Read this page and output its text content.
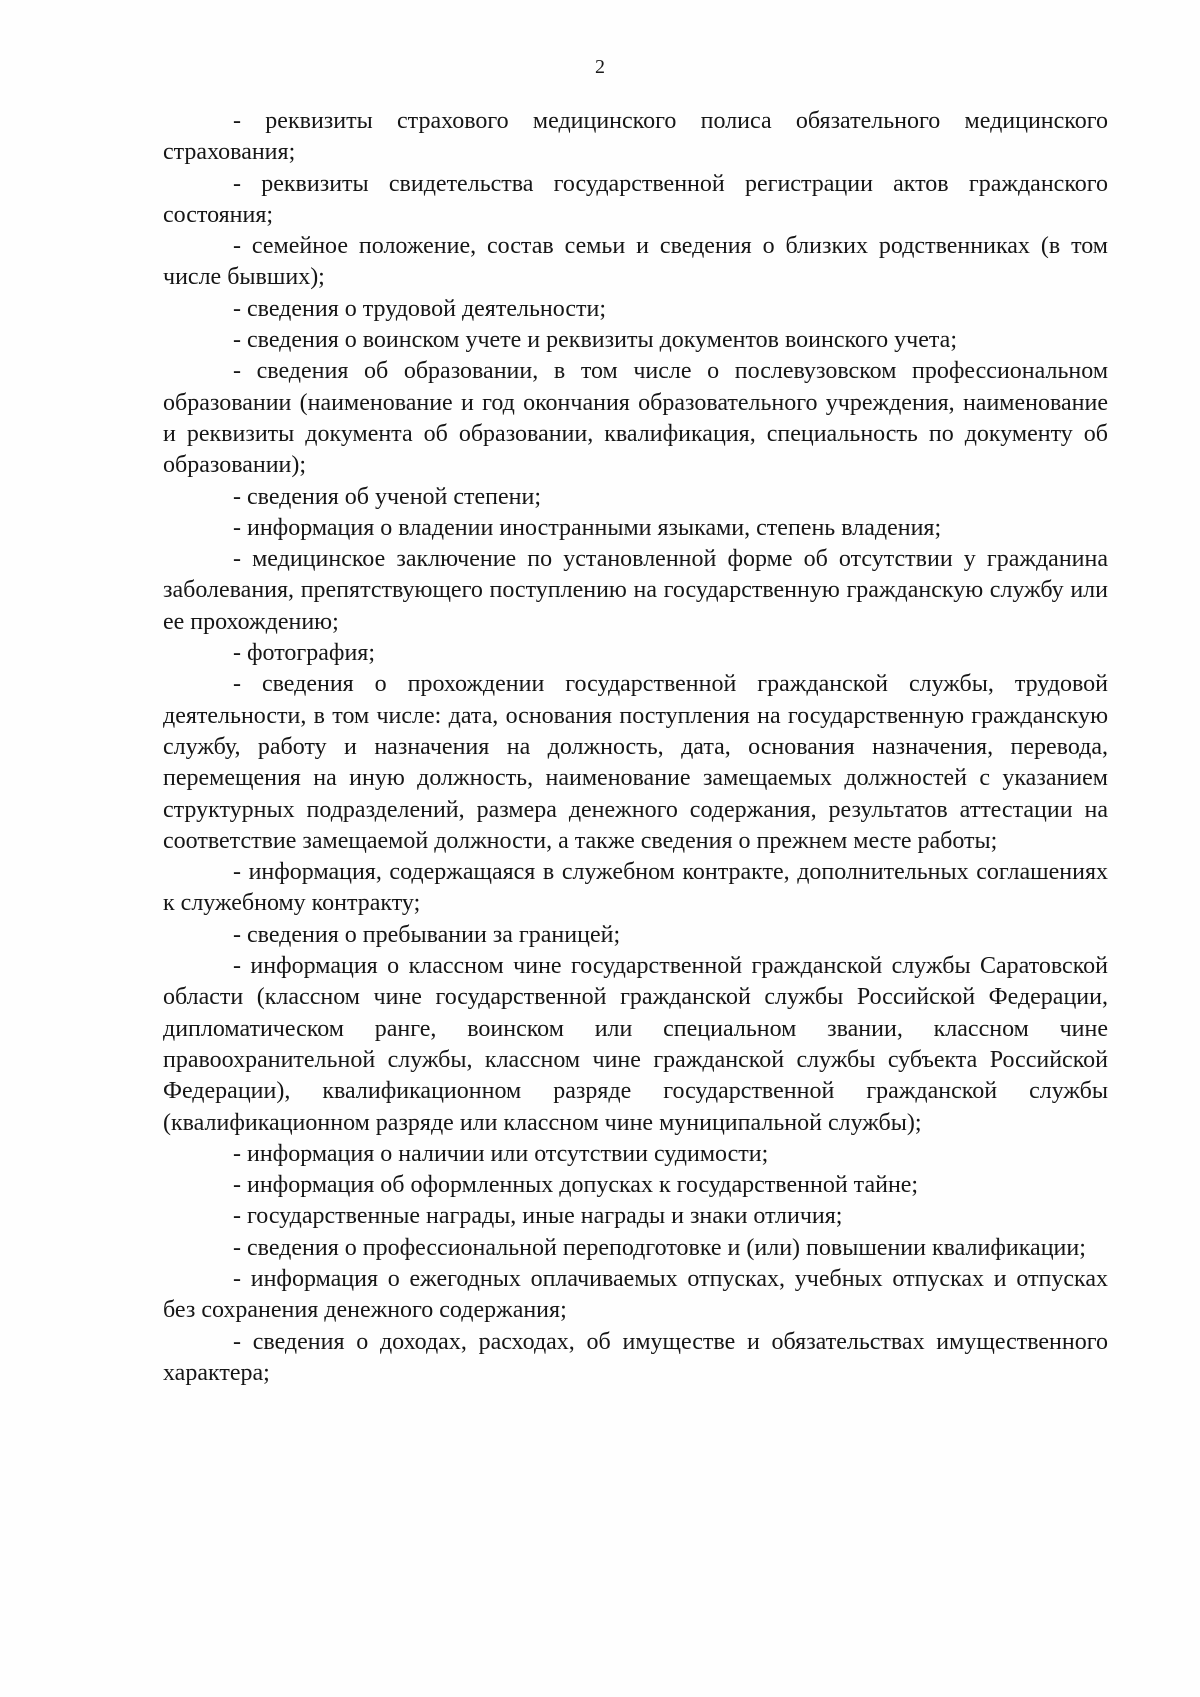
2

- реквизиты страхового медицинского полиса обязательного медицинского страхования;

- реквизиты свидетельства государственной регистрации актов гражданского состояния;

- семейное положение, состав семьи и сведения о близких родственниках (в том числе бывших);

- сведения о трудовой деятельности;

- сведения о воинском учете и реквизиты документов воинского учета;

- сведения об образовании, в том числе о послевузовском профессиональном образовании (наименование и год окончания образовательного учреждения, наименование и реквизиты документа об образовании, квалификация, специальность по документу об образовании);

- сведения об ученой степени;

- информация о владении иностранными языками, степень владения;

- медицинское заключение по установленной форме об отсутствии у гражданина заболевания, препятствующего поступлению на государственную гражданскую службу или ее прохождению;

- фотография;

- сведения о прохождении государственной гражданской службы, трудовой деятельности, в том числе: дата, основания поступления на государственную гражданскую службу, работу и назначения на должность, дата, основания назначения, перевода, перемещения на иную должность, наименование замещаемых должностей с указанием структурных подразделений, размера денежного содержания, результатов аттестации на соответствие замещаемой должности, а также сведения о прежнем месте работы;

- информация, содержащаяся в служебном контракте, дополнительных соглашениях к служебному контракту;

- сведения о пребывании за границей;

- информация о классном чине государственной гражданской службы Саратовской области (классном чине государственной гражданской службы Российской Федерации, дипломатическом ранге, воинском или специальном звании, классном чине правоохранительной службы, классном чине гражданской службы субъекта Российской Федерации), квалификационном разряде государственной гражданской службы (квалификационном разряде или классном чине муниципальной службы);

- информация о наличии или отсутствии судимости;

- информация об оформленных допусках к государственной тайне;

- государственные награды, иные награды и знаки отличия;

- сведения о профессиональной переподготовке и (или) повышении квалификации;

- информация о ежегодных оплачиваемых отпусках, учебных отпусках и отпусках без сохранения денежного содержания;

- сведения о доходах, расходах, об имуществе и обязательствах имущественного характера;
